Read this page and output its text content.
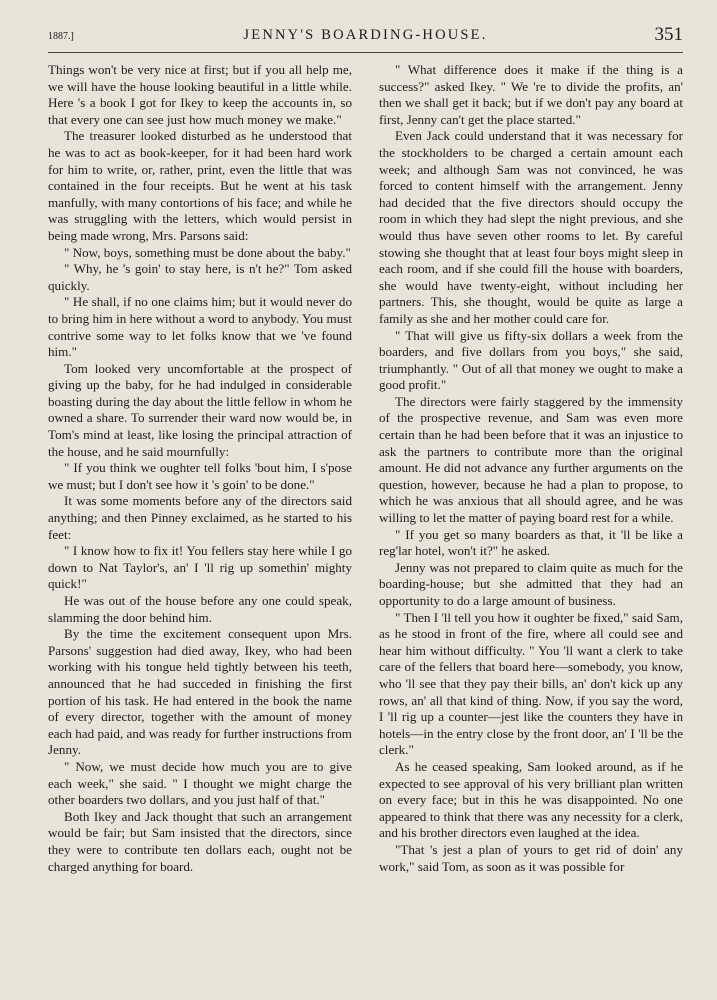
1887.]	JENNY'S BOARDING-HOUSE.	351

Things won't be very nice at first; but if you all help me, we will have the house looking beautiful in a little while. Here 's a book I got for Ikey to keep the accounts in, so that every one can see just how much money we make."

The treasurer looked disturbed as he understood that he was to act as book-keeper, for it had been hard work for him to write, or, rather, print, even the little that was contained in the four receipts. But he went at his task manfully, with many contortions of his face; and while he was struggling with the letters, which would persist in being made wrong, Mrs. Parsons said:

" Now, boys, something must be done about the baby."

" Why, he 's goin' to stay here, is n't he?" Tom asked quickly.

" He shall, if no one claims him; but it would never do to bring him in here without a word to anybody. You must contrive some way to let folks know that we 've found him."

Tom looked very uncomfortable at the prospect of giving up the baby, for he had indulged in considerable boasting during the day about the little fellow in whom he owned a share. To surrender their ward now would be, in Tom's mind at least, like losing the principal attraction of the house, and he said mournfully:

" If you think we oughter tell folks 'bout him, I s'pose we must; but I don't see how it 's goin' to be done."

It was some moments before any of the directors said anything; and then Pinney exclaimed, as he started to his feet:

" I know how to fix it! You fellers stay here while I go down to Nat Taylor's, an' I 'll rig up somethin' mighty quick!"

He was out of the house before any one could speak, slamming the door behind him.

By the time the excitement consequent upon Mrs. Parsons' suggestion had died away, Ikey, who had been working with his tongue held tightly between his teeth, announced that he had succeded in finishing the first portion of his task. He had entered in the book the name of every director, together with the amount of money each had paid, and was ready for further instructions from Jenny.

" Now, we must decide how much you are to give each week," she said. " I thought we might charge the other boarders two dollars, and you just half of that."

Both Ikey and Jack thought that such an arrangement would be fair; but Sam insisted that the directors, since they were to contribute ten dollars each, ought not be charged anything for board.

" What difference does it make if the thing is a success?" asked Ikey. " We 're to divide the profits, an' then we shall get it back; but if we don't pay any board at first, Jenny can't get the place started."

Even Jack could understand that it was necessary for the stockholders to be charged a certain amount each week; and although Sam was not convinced, he was forced to content himself with the arrangement. Jenny had decided that the five directors should occupy the room in which they had slept the night previous, and she would thus have seven other rooms to let. By careful stowing she thought that at least four boys might sleep in each room, and if she could fill the house with boarders, she would have twenty-eight, without including her partners. This, she thought, would be quite as large a family as she and her mother could care for.

" That will give us fifty-six dollars a week from the boarders, and five dollars from you boys," she said, triumphantly. " Out of all that money we ought to make a good profit."

The directors were fairly staggered by the immensity of the prospective revenue, and Sam was even more certain than he had been before that it was an injustice to ask the partners to contribute more than the original amount. He did not advance any further arguments on the question, however, because he had a plan to propose, to which he was anxious that all should agree, and he was willing to let the matter of paying board rest for a while.

" If you get so many boarders as that, it 'll be like a reg'lar hotel, won't it?" he asked.

Jenny was not prepared to claim quite as much for the boarding-house; but she admitted that they had an opportunity to do a large amount of business.

" Then I 'll tell you how it oughter be fixed," said Sam, as he stood in front of the fire, where all could see and hear him without difficulty. " You 'll want a clerk to take care of the fellers that board here—somebody, you know, who 'll see that they pay their bills, an' don't kick up any rows, an' all that kind of thing. Now, if you say the word, I 'll rig up a counter—jest like the counters they have in hotels—in the entry close by the front door, an' I 'll be the clerk."

As he ceased speaking, Sam looked around, as if he expected to see approval of his very brilliant plan written on every face; but in this he was disappointed. No one appeared to think that there was any necessity for a clerk, and his brother directors even laughed at the idea.

"That 's jest a plan of yours to get rid of doin' any work," said Tom, as soon as it was possible for
